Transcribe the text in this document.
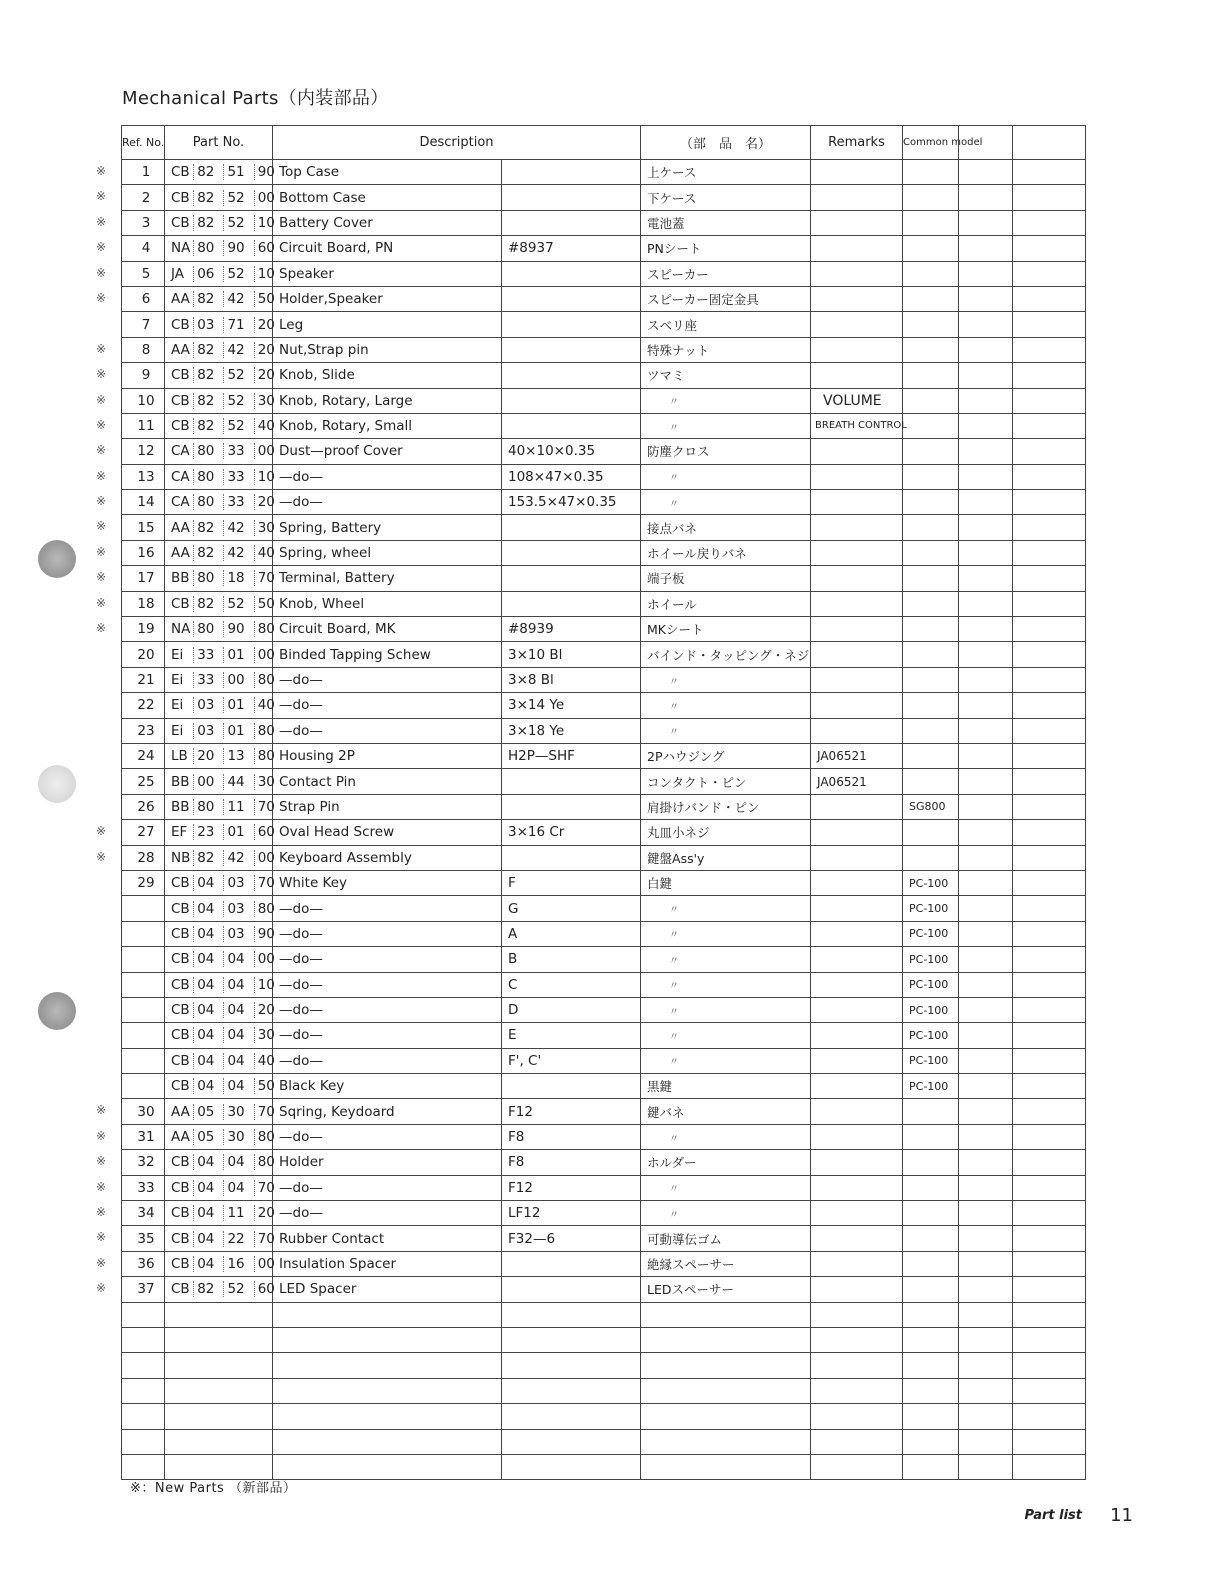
Mechanical Parts（内装部品）
Ref. No.	Part No.	Description		（部　品　名）	Remarks	Common model		

※ 1	CB 82 51 90	Top Case		上ケース				

※ 2	CB 82 52 00	Bottom Case		下ケース				

※ 3	CB 82 52 10	Battery Cover		電池蓋				

※ 4	NA 80 90 60	Circuit Board, PN	#8937	PNシート				

※ 5	JA 06 52 10	Speaker		スピーカー				

※ 6	AA 82 42 50	Holder,Speaker		スピーカー固定金具				

7	CB 03 71 20	Leg		スベリ座				

※ 8	AA 82 42 20	Nut,Strap pin		特殊ナット				

※ 9	CB 82 52 20	Knob, Slide		ツマミ				

※ 10	CB 82 52 30	Knob, Rotary, Large		〃	VOLUME			

※ 11	CB 82 52 40	Knob, Rotary, Small		〃	BREATH CONTROL			

※ 12	CA 80 33 00	Dust—proof Cover	40×10×0.35	防塵クロス				

※ 13	CA 80 33 10	—do—	108×47×0.35	〃				

※ 14	CA 80 33 20	—do—	153.5×47×0.35	〃				

※ 15	AA 82 42 30	Spring, Battery		接点バネ				

※ 16	AA 82 42 40	Spring, wheel		ホイール戻りバネ				

※ 17	BB 80 18 70	Terminal, Battery		端子板				

※ 18	CB 82 52 50	Knob, Wheel		ホイール				

※ 19	NA 80 90 80	Circuit Board, MK	#8939	MKシート				

20	Ei 33 01 00	Binded Tapping Schew	3×10 Bl	バインド・タッピング・ネジ				

21	Ei 33 00 80	—do—	3×8 Bl	〃				

22	Ei 03 01 40	—do—	3×14 Ye	〃				

23	Ei 03 01 80	—do—	3×18 Ye	〃				

24	LB 20 13 80	Housing 2P	H2P—SHF	2Pハウジング	JA06521			

25	BB 00 44 30	Contact Pin		コンタクト・ピン	JA06521			

26	BB 80 11 70	Strap Pin		肩掛けバンド・ピン		SG800		

※ 27	EF 23 01 60	Oval Head Screw	3×16 Cr	丸皿小ネジ				

※ 28	NB 82 42 00	Keyboard Assembly		鍵盤Ass'y				

29	CB 04 03 70	White Key	F	白鍵		PC-100		

	CB 04 03 80	—do—	G	〃		PC-100		

	CB 04 03 90	—do—	A	〃		PC-100		

	CB 04 04 00	—do—	B	〃		PC-100		

	CB 04 04 10	—do—	C	〃		PC-100		

	CB 04 04 20	—do—	D	〃		PC-100		

	CB 04 04 30	—do—	E	〃		PC-100		

	CB 04 04 40	—do—	F', C'	〃		PC-100		

	CB 04 04 50	Black Key		黒鍵		PC-100		

※ 30	AA 05 30 70	Sqring, Keydoard	F12	鍵バネ				

※ 31	AA 05 30 80	—do—	F8	〃				

※ 32	CB 04 04 80	Holder	F8	ホルダー				

※ 33	CB 04 04 70	—do—	F12	〃				

※ 34	CB 04 11 20	—do—	LF12	〃				

※ 35	CB 04 22 70	Rubber Contact	F32—6	可動導伝ゴム				

※ 36	CB 04 16 00	Insulation Spacer		絶縁スペーサー				

※ 37	CB 82 52 60	LED Spacer		LEDスペーサー				

※：New Parts （新部品）
Part list 11
